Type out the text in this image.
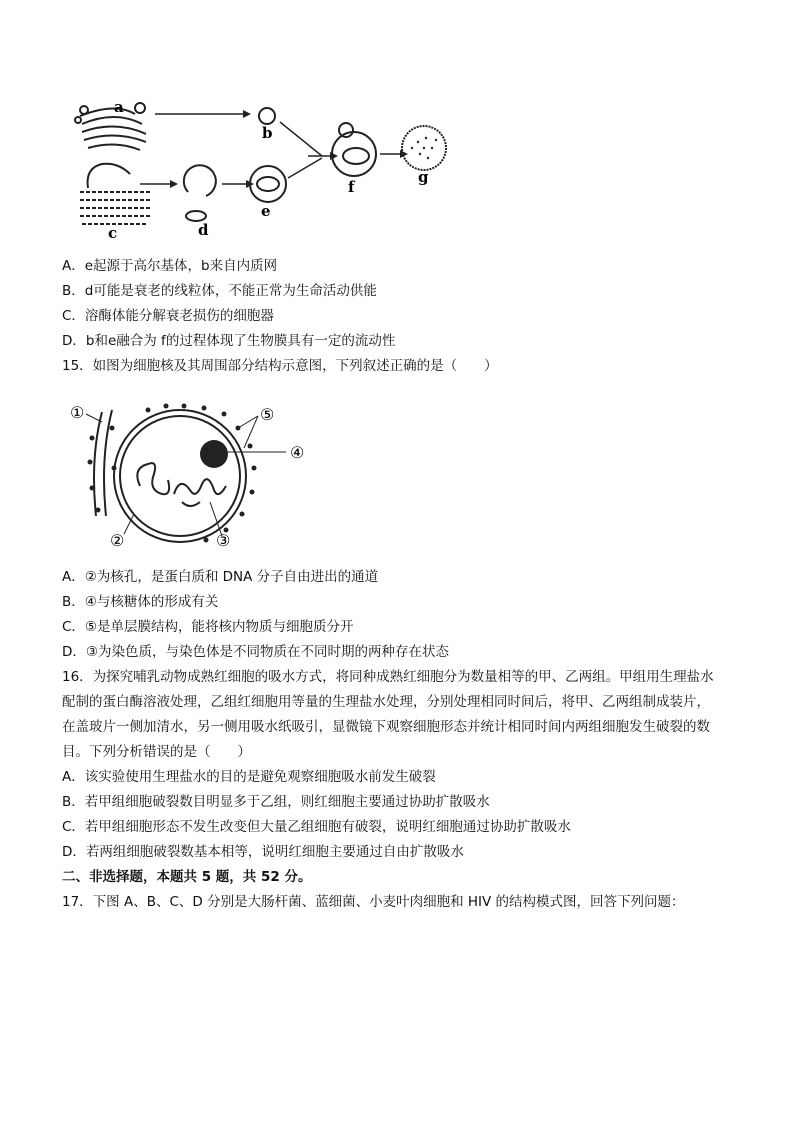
a
b
c	d
e
f
g
A．e起源于高尔基体，b来自内质网
B．d可能是衰老的线粒体，不能正常为生命活动供能
C．溶酶体能分解衰老损伤的细胞器
D．b和e融合为 f的过程体现了生物膜具有一定的流动性
15．如图为细胞核及其周围部分结构示意图，下列叙述正确的是（　　）
①
②	③
④
⑤
A．②为核孔，是蛋白质和 DNA 分子自由进出的通道
B．④与核糖体的形成有关
C．⑤是单层膜结构，能将核内物质与细胞质分开
D．③为染色质，与染色体是不同物质在不同时期的两种存在状态
16．为探究哺乳动物成熟红细胞的吸水方式，将同种成熟红细胞分为数量相等的甲、乙两组。甲组用生理盐水
配制的蛋白酶溶液处理，乙组红细胞用等量的生理盐水处理，分别处理相同时间后，将甲、乙两组制成装片，
在盖玻片一侧加清水，另一侧用吸水纸吸引，显微镜下观察细胞形态并统计相同时间内两组细胞发生破裂的数
目。下列分析错误的是（　　）
A．该实验使用生理盐水的目的是避免观察细胞吸水前发生破裂
B．若甲组细胞破裂数目明显多于乙组，则红细胞主要通过协助扩散吸水
C．若甲组细胞形态不发生改变但大量乙组细胞有破裂，说明红细胞通过协助扩散吸水
D．若两组细胞破裂数基本相等，说明红细胞主要通过自由扩散吸水
二、非选择题，本题共 5 题，共 52 分。
17．下图 A、B、C、D 分别是大肠杆菌、蓝细菌、小麦叶肉细胞和 HIV 的结构模式图，回答下列问题：
